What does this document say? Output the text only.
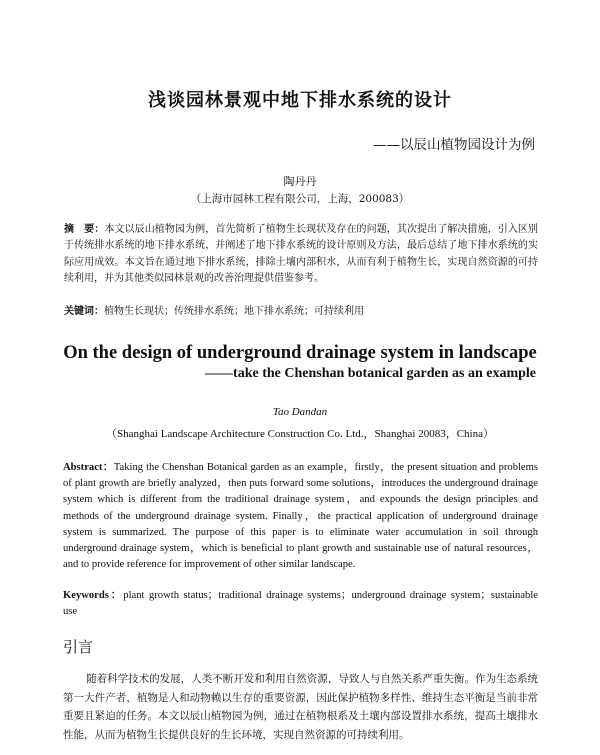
浅谈园林景观中地下排水系统的设计
——以辰山植物园设计为例
陶丹丹
（上海市园林工程有限公司，上海，200083）
摘　要：本文以辰山植物园为例，首先简析了植物生长现状及存在的问题，其次提出了解决措施，引入区别于传统排水系统的地下排水系统，并阐述了地下排水系统的设计原则及方法，最后总结了地下排水系统的实际应用成效。本文旨在通过地下排水系统，排除土壤内部积水，从而有利于植物生长，实现自然资源的可持续利用，并为其他类似园林景观的改善治理提供借鉴参考。
关键词：植物生长现状；传统排水系统；地下排水系统；可持续利用
On the design of underground drainage system in landscape
——take the Chenshan botanical garden as an example
Tao Dandan
（Shanghai Landscape Architecture Construction Co. Ltd.，Shanghai 20083，China）
Abstract：Taking the Chenshan Botanical garden as an example，firstly，the present situation and problems of plant growth are briefly analyzed，then puts forward some solutions，introduces the underground drainage system which is different from the traditional drainage system，and expounds the design principles and methods of the underground drainage system. Finally，the practical application of underground drainage system is summarized. The purpose of this paper is to eliminate water accumulation in soil through underground drainage system，which is beneficial to plant growth and sustainable use of natural resources，and to provide reference for improvement of other similar landscape.
Keywords：plant growth status；traditional drainage systems；underground drainage system；sustainable use
引言
随着科学技术的发展，人类不断开发和利用自然资源，导致人与自然关系严重失衡。作为生态系统第一大件产者，植物是人和动物赖以生存的重要资源，因此保护植物多样性、维持生态平衡是当前非常重要且紧迫的任务。本文以辰山植物园为例，通过在植物根系及土壤内部设置排水系统，提高土壤排水性能，从而为植物生长提供良好的生长环境，实现自然资源的可持续利用。
